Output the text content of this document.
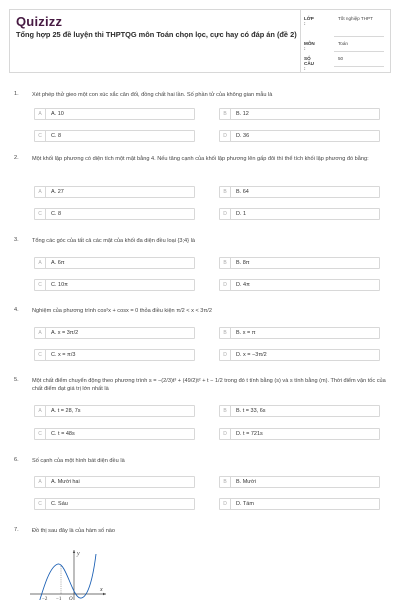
Quizizz
Tổng hợp 25 đề luyện thi THPTQG môn Toán chọn lọc, cực hay có đáp án (đề 2)
LỚP :
Tốt nghiệp THPT
MÔN :
Toán
SỐ CÂU :
50
1. Xét phép thử gieo một con xúc xắc cân đối, đồng chất hai lần. Số phần tử của không gian mẫu là
A	A. 10	B	B. 12
C	C. 8	D	D. 36
2. Một khối lập phương có diện tích một mặt bằng 4. Nếu tăng cạnh của khối lập phương lên gấp đôi thì thể tích khối lập phương đó bằng:
A	A. 27	B	B. 64
C	C. 8	D	D. 1
3. Tổng các góc của tất cả các mặt của khối đa diện đều loại {3;4} là
A	A. 6π	B	B. 8π
C	C. 10π	D	D. 4π
4. Nghiệm của phương trình cos²x + cosx = 0 thỏa điều kiện π/2 < x < 3π/2
A	A. x = 3π/2	B	B. x = π
C	C. x = π/3	D	D. x = −3π/2
5. Một chất điểm chuyển động theo phương trình s = −(2/3)t³ + (49/2)t² + t − 1/2 trong đó t tính bằng (s) và s tính bằng (m). Thời điểm vận tốc của chất điểm đạt giá trị lớn nhất là
A	A. t = 28, 7s	B	B. t = 33, 6s
C	C. t = 48s	D	D. t = 721s
6. Số cạnh của một hình bát diện đều là
A	A. Mười hai	B	B. Mười
C	C. Sáu	D	D. Tám
7. Đồ thị sau đây là của hàm số nào
y
x
O
−2 −1
